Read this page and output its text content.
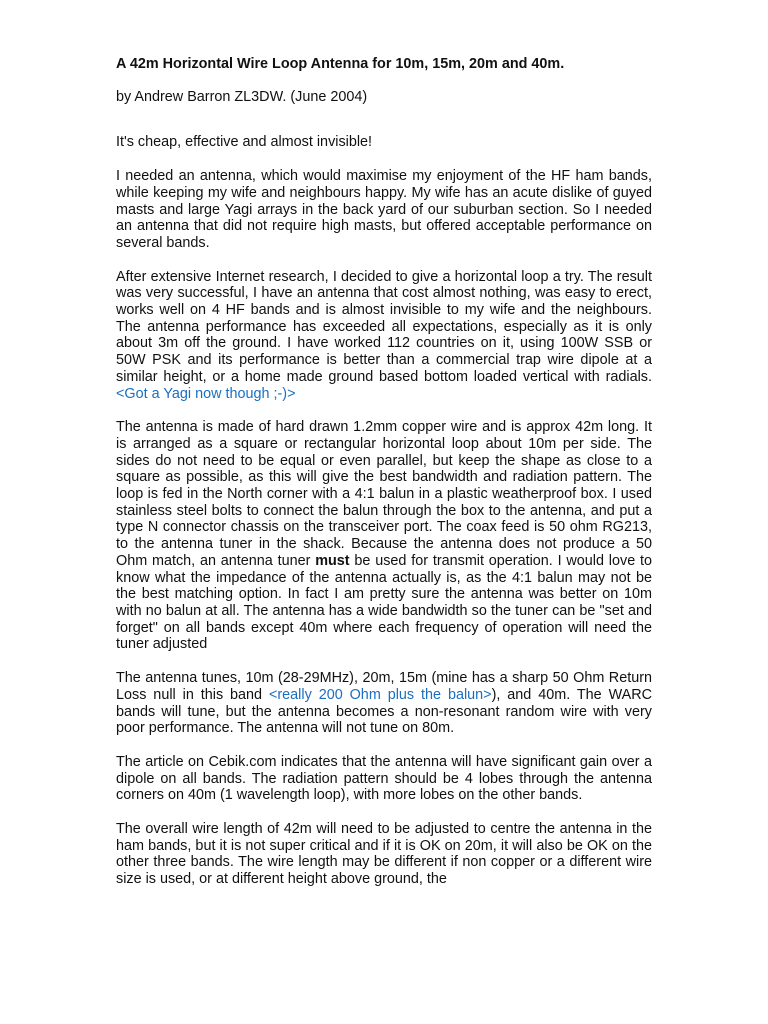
A 42m Horizontal Wire Loop Antenna for 10m, 15m, 20m and 40m.
by Andrew Barron ZL3DW. (June 2004)

It's cheap, effective and almost invisible!

I needed an antenna, which would maximise my enjoyment of the HF ham bands, while keeping my wife and neighbours happy. My wife has an acute dislike of guyed masts and large Yagi arrays in the back yard of our suburban section. So I needed an antenna that did not require high masts, but offered acceptable performance on several bands.

After extensive Internet research, I decided to give a horizontal loop a try. The result was very successful, I have an antenna that cost almost nothing, was easy to erect, works well on 4 HF bands and is almost invisible to my wife and the neighbours. The antenna performance has exceeded all expectations, especially as it is only about 3m off the ground. I have worked 112 countries on it, using 100W SSB or 50W PSK and its performance is better than a commercial trap wire dipole at a similar height, or a home made ground based bottom loaded vertical with radials. <Got a Yagi now though ;-)>

The antenna is made of hard drawn 1.2mm copper wire and is approx 42m long. It is arranged as a square or rectangular horizontal loop about 10m per side. The sides do not need to be equal or even parallel, but keep the shape as close to a square as possible, as this will give the best bandwidth and radiation pattern. The loop is fed in the North corner with a 4:1 balun in a plastic weatherproof box. I used stainless steel bolts to connect the balun through the box to the antenna, and put a type N connector chassis on the transceiver port. The coax feed is 50 ohm RG213, to the antenna tuner in the shack. Because the antenna does not produce a 50 Ohm match, an antenna tuner must be used for transmit operation. I would love to know what the impedance of the antenna actually is, as the 4:1 balun may not be the best matching option. In fact I am pretty sure the antenna was better on 10m with no balun at all. The antenna has a wide bandwidth so the tuner can be "set and forget" on all bands except 40m where each frequency of operation will need the tuner adjusted

The antenna tunes, 10m (28-29MHz), 20m, 15m (mine has a sharp 50 Ohm Return Loss null in this band <really 200 Ohm plus the balun>), and 40m. The WARC bands will tune, but the antenna becomes a non-resonant random wire with very poor performance. The antenna will not tune on 80m.

The article on Cebik.com indicates that the antenna will have significant gain over a dipole on all bands. The radiation pattern should be 4 lobes through the antenna corners on 40m (1 wavelength loop), with more lobes on the other bands.

The overall wire length of 42m will need to be adjusted to centre the antenna in the ham bands, but it is not super critical and if it is OK on 20m, it will also be OK on the other three bands. The wire length may be different if non copper or a different wire size is used, or at different height above ground, the
